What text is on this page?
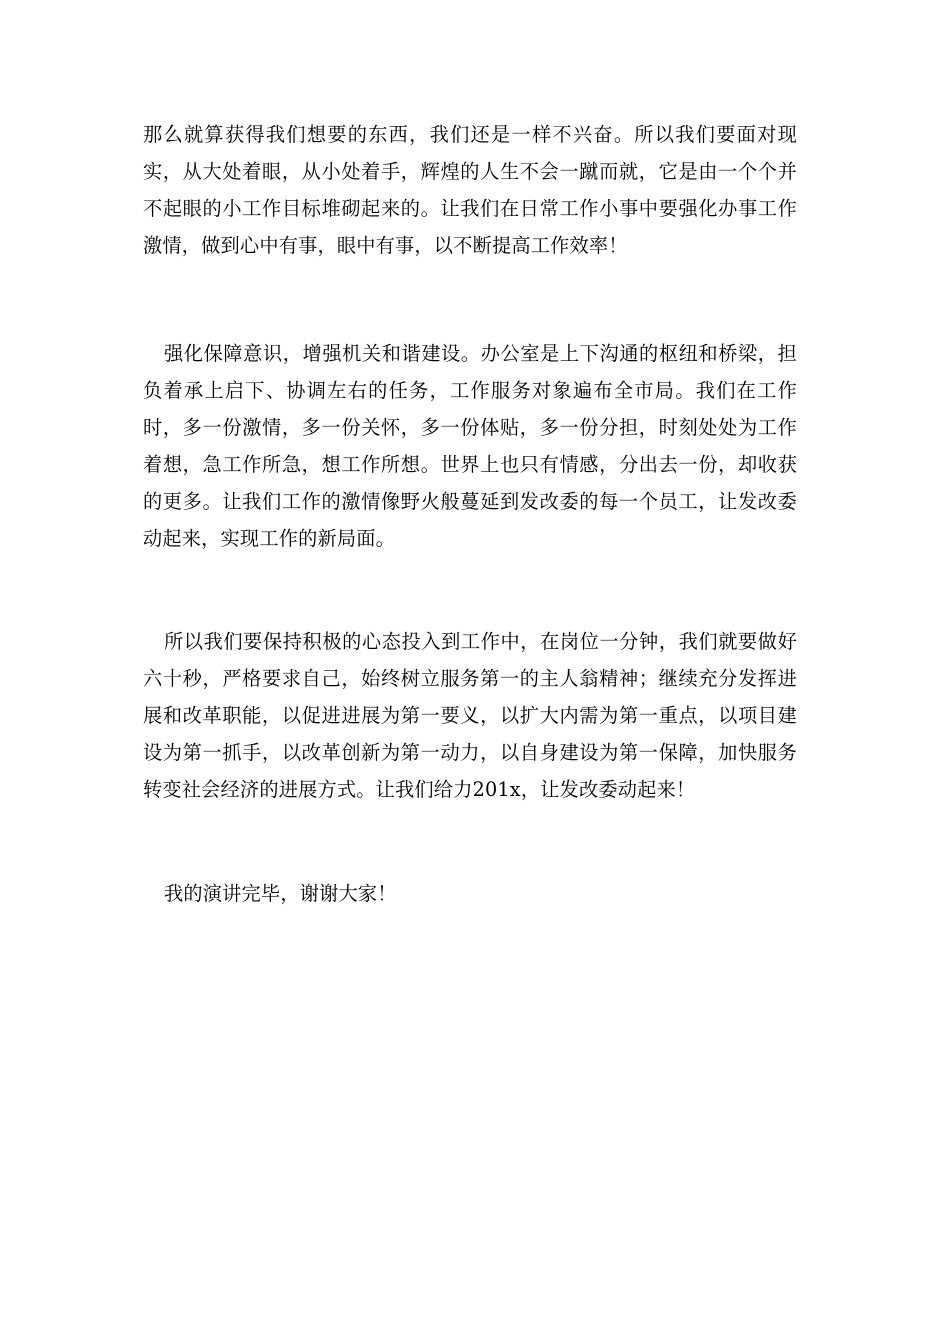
那么就算获得我们想要的东西，我们还是一样不兴奋。所以我们要面对现实，从大处着眼，从小处着手，辉煌的人生不会一蹴而就，它是由一个个并不起眼的小工作目标堆砌起来的。让我们在日常工作小事中要强化办事工作激情，做到心中有事，眼中有事，以不断提高工作效率！

强化保障意识，增强机关和谐建设。办公室是上下沟通的枢纽和桥梁，担负着承上启下、协调左右的任务，工作服务对象遍布全市局。我们在工作时，多一份激情，多一份关怀，多一份体贴，多一份分担，时刻处处为工作着想，急工作所急，想工作所想。世界上也只有情感，分出去一份，却收获的更多。让我们工作的激情像野火般蔓延到发改委的每一个员工，让发改委动起来，实现工作的新局面。

所以我们要保持积极的心态投入到工作中，在岗位一分钟，我们就要做好六十秒，严格要求自己，始终树立服务第一的主人翁精神；继续充分发挥进展和改革职能，以促进进展为第一要义，以扩大内需为第一重点，以项目建设为第一抓手，以改革创新为第一动力，以自身建设为第一保障，加快服务转变社会经济的进展方式。让我们给力201x，让发改委动起来！

我的演讲完毕，谢谢大家！
